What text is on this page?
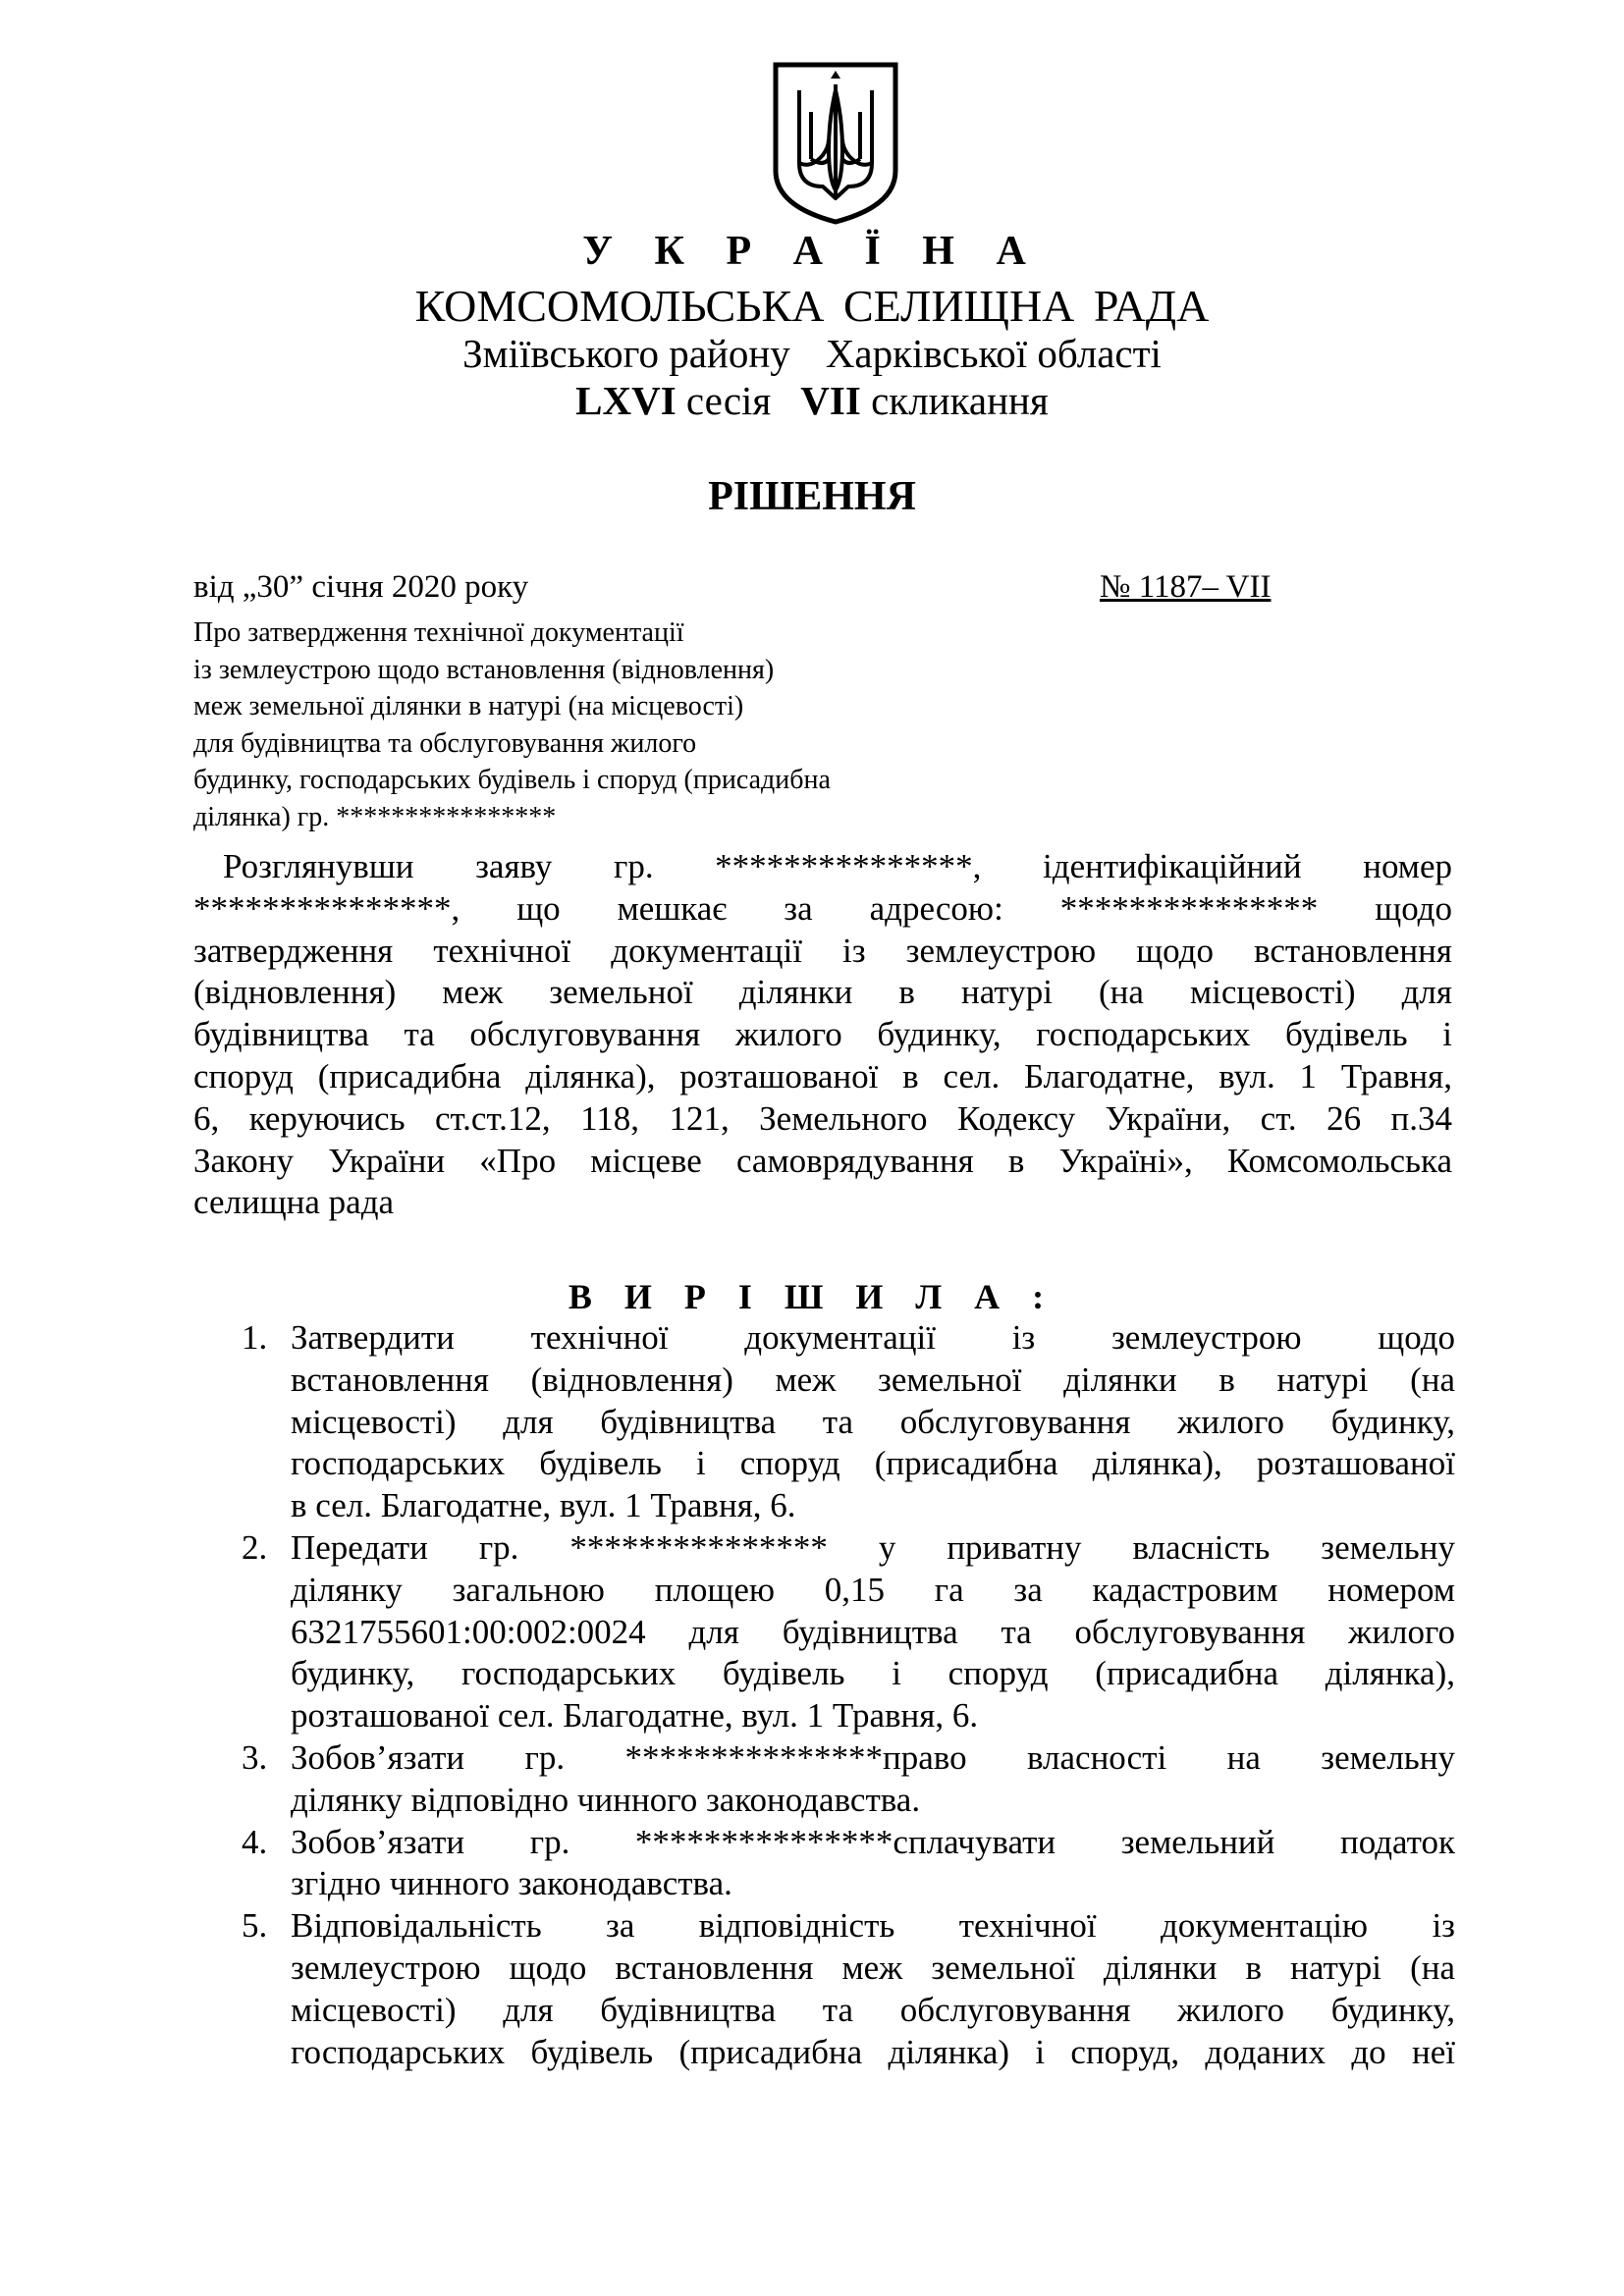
У К Р А Ї Н А
КОМСОМОЛЬСЬКА СЕЛИЩНА РАДА
Зміївського району Харківської області
LXVI сесія VII скликання
РІШЕННЯ
від „30” січня 2020 року	№ 1187– VII
Про затвердження технічної документації
із землеустрою щодо встановлення (відновлення)
меж земельної ділянки в натурі (на місцевості)
для будівництва та обслуговування жилого
будинку, господарських будівель і споруд (присадибна
ділянка) гр. ****************
Розглянувши заяву гр. ***************, ідентифікаційний номер
***************, що мешкає за адресою: *************** щодо
затвердження технічної документації із землеустрою щодо встановлення
(відновлення) меж земельної ділянки в натурі (на місцевості) для
будівництва та обслуговування жилого будинку, господарських будівель і
споруд (присадибна ділянка), розташованої в сел. Благодатне, вул. 1 Травня,
6, керуючись ст.ст.12, 118, 121, Земельного Кодексу України, ст. 26 п.34
Закону України «Про місцеве самоврядування в Україні», Комсомольська
селищна рада
В И Р І Ш И Л А :
1. Затвердити технічної документації із землеустрою щодо
встановлення (відновлення) меж земельної ділянки в натурі (на
місцевості) для будівництва та обслуговування жилого будинку,
господарських будівель і споруд (присадибна ділянка), розташованої
в сел. Благодатне, вул. 1 Травня, 6.
2. Передати гр. *************** у приватну власність земельну
ділянку загальною площею 0,15 га за кадастровим номером
6321755601:00:002:0024 для будівництва та обслуговування жилого
будинку, господарських будівель і споруд (присадибна ділянка),
розташованої сел. Благодатне, вул. 1 Травня, 6.
3. Зобов’язати гр. ***************право власності на земельну
ділянку відповідно чинного законодавства.
4. Зобов’язати гр. ***************сплачувати земельний податок
згідно чинного законодавства.
5. Відповідальність за відповідність технічної документацію із
землеустрою щодо встановлення меж земельної ділянки в натурі (на
місцевості) для будівництва та обслуговування жилого будинку,
господарських будівель (присадибна ділянка) і споруд, доданих до неї
